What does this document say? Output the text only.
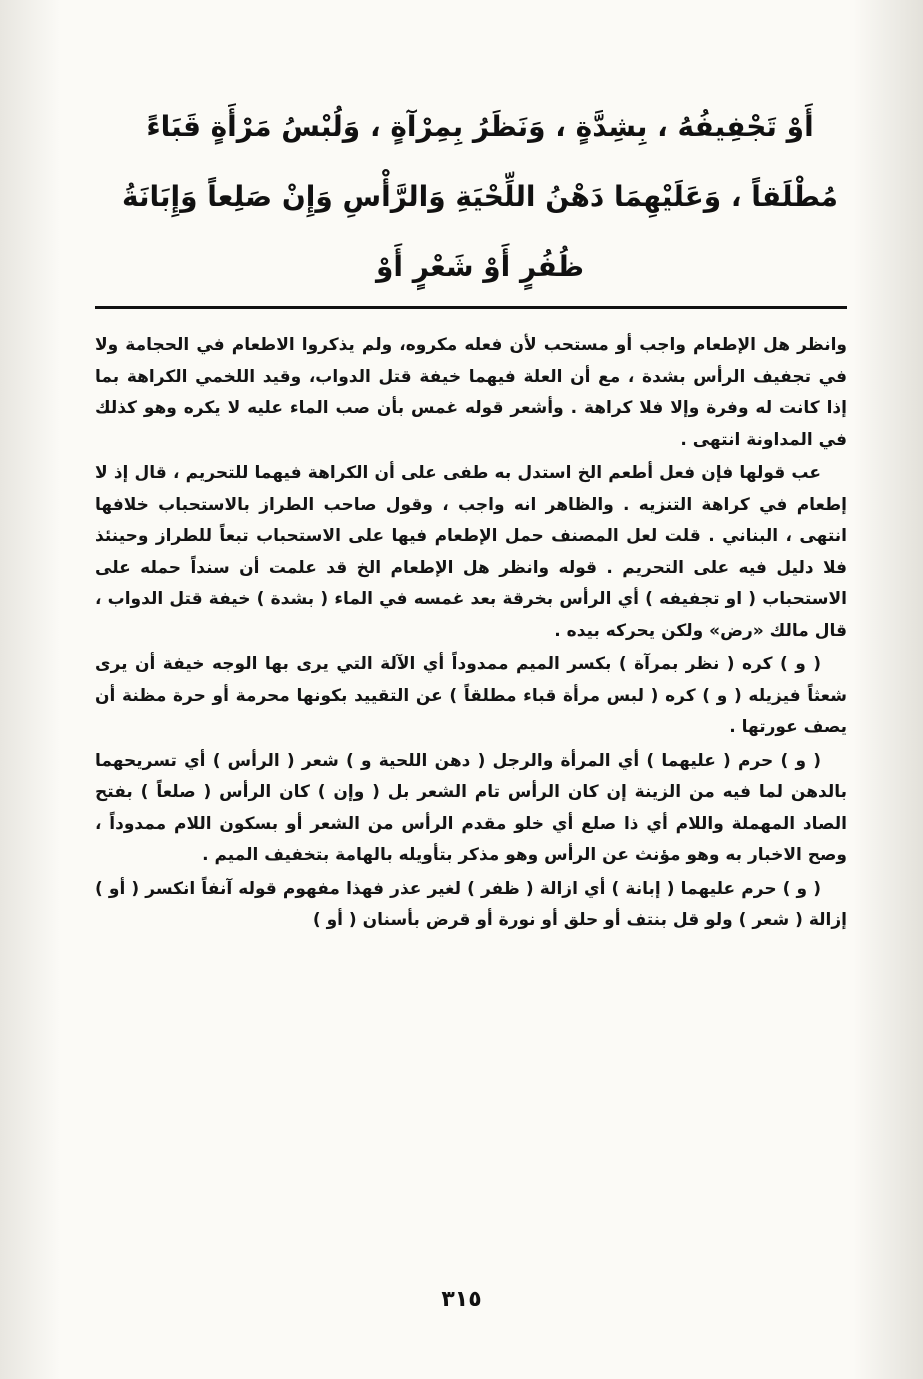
أَوْ تَجْفِيفُهُ ، بِشِدَّةٍ ، وَنَظَرُ بِمِرْآةٍ ، وَلُبْسُ مَرْأَةٍ قَبَاءً
مُطْلَقاً ، وَعَلَيْهِمَا دَهْنُ اللِّحْيَةِ وَالرَّأْسِ وَإِنْ صَلِعاً وَإِبَانَةُ
ظُفُرٍ أَوْ شَعْرٍ أَوْ

وانظر هل الإطعام واجب أو مستحب لأن فعله مكروه، ولم يذكروا الاطعام في الحجامة ولا في تجفيف الرأس بشدة ، مع أن العلة فيهما خيفة قتل الدواب، وقيد اللخمي الكراهة بما إذا كانت له وفرة وإلا فلا كراهة . وأشعر قوله غمس بأن صب الماء عليه لا يكره وهو كذلك في المداونة انتهى .

عب قولها فإن فعل أطعم الخ استدل به طفى على أن الكراهة فيهما للتحريم ، قال إذ لا إطعام في كراهة التنزيه . والظاهر انه واجب ، وقول صاحب الطراز بالاستحباب خلافها انتهى ، البناني . قلت لعل المصنف حمل الإطعام فيها على الاستحباب تبعاً للطراز وحينئذ فلا دليل فيه على التحريم . قوله وانظر هل الإطعام الخ قد علمت أن سنداً حمله على الاستحباب ( او تجفيفه ) أي الرأس بخرقة بعد غمسه في الماء ( بشدة ) خيفة قتل الدواب ، قال مالك «رض» ولكن يحركه بيده .

( و ) كره ( نظر بمرآة ) بكسر الميم ممدوداً أي الآلة التي يرى بها الوجه خيفة أن يرى شعثاً فيزيله ( و ) كره ( لبس مرأة قباء مطلقاً ) عن التقييد بكونها محرمة أو حرة مظنة أن يصف عورتها .

( و ) حرم ( عليهما ) أي المرأة والرجل ( دهن اللحية و ) شعر ( الرأس ) أي تسريحهما بالدهن لما فيه من الزينة إن كان الرأس تام الشعر بل ( وإن ) كان الرأس ( صلعاً ) بفتح الصاد المهملة واللام أي ذا صلع أي خلو مقدم الرأس من الشعر أو بسكون اللام ممدوداً ، وصح الاخبار به وهو مؤنث عن الرأس وهو مذكر بتأويله بالهامة بتخفيف الميم .

( و ) حرم عليهما ( إبانة ) أي ازالة ( ظفر ) لغير عذر فهذا مفهوم قوله آنفاً انكسر ( أو ) إزالة ( شعر ) ولو قل بنتف أو حلق أو نورة أو قرض بأسنان ( أو )

٣١٥
